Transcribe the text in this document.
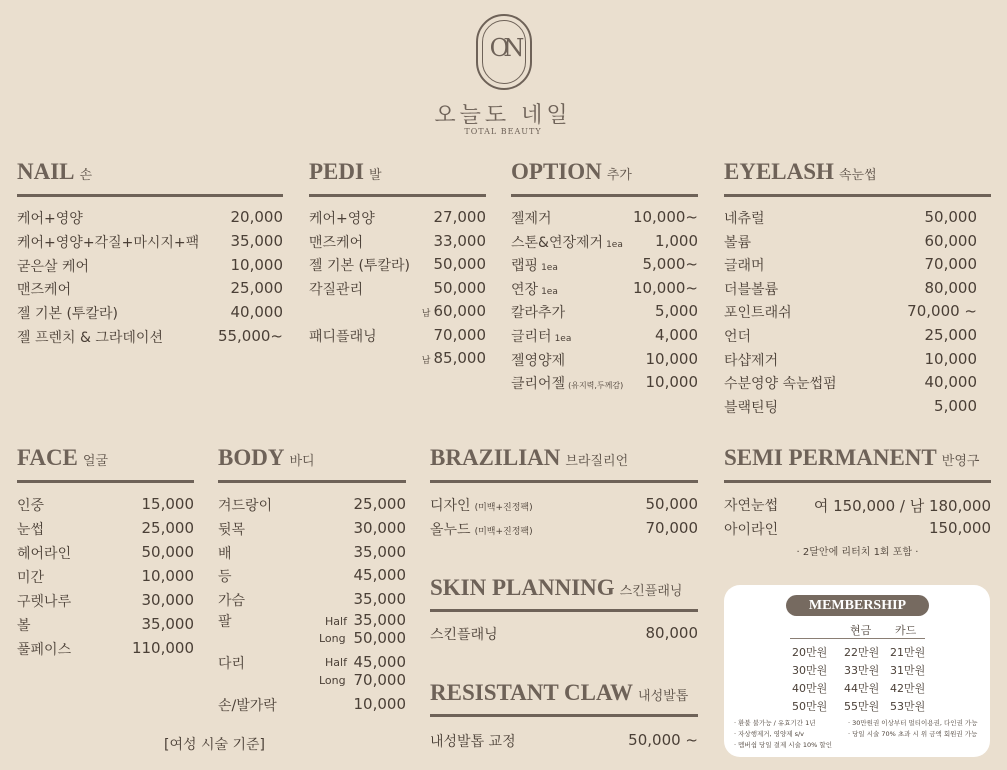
ON
오늘도 네일
TOTAL BEAUTY
NAIL 손	PEDI 발	OPTION 추가	EYELASH 속눈썹
FACE 얼굴	BODY 바디
팔	Half 35,000
Long 50,000
다리	Half 45,000
Long 70,000
손/발가락	10,000
[여성 시술 기준]
BRAZILIAN 브라질리언
SKIN PLANNING 스킨플래닝
스킨플래닝	80,000
RESISTANT CLAW 내성발톱
내성발톱 교정	50,000 ~
SEMI PERMANENT 반영구
자연눈썹	여 150,000 / 남 180,000
아이라인	150,000
· 2달안에 리터치 1회 포함 ·
MEMBERSHIP
현금 카드
케어+영양	20,000
케어+영양+각질+마시지+팩	35,000
굳은살 케어	10,000
맨즈케어	25,000
젤 기본 (투칼라)	40,000
젤 프렌치 & 그라데이션	55,000~
케어+영양	27,000
맨즈케어	33,000
젤 기본 (투칼라)	50,000
각질관리	50,000
남 60,000
패디플래닝	70,000
남 85,000
젤제거	10,000~
스톤&연장제거 1ea	1,000
랩핑 1ea	5,000~
연장 1ea	10,000~
칼라추가	5,000
글리터 1ea	4,000
젤영양제	10,000
클리어젤 (유지력,두께감)	10,000
네츄럴	50,000
볼륨	60,000
글래머	70,000
더블볼륨	80,000
포인트래쉬	70,000 ~
언더	25,000
타샵제거	10,000
수분영양 속눈썹펌	40,000
블랙틴팅	5,000
인중	15,000
눈썹	25,000
헤어라인	50,000
미간	10,000
구렛나루	30,000
볼	35,000
풀페이스	110,000
겨드랑이	25,000
뒷목	30,000
배	35,000
등	45,000
가슴	35,000
디자인 (미백+진정팩)	50,000
올누드 (미백+진정팩)	70,000
20만원 22만원 21만원
30만원 33만원 31만원
40만원 44만원 42만원
50만원 55만원 53만원
· 환불 불가능 / 유효기간 1년
· 자상행제거, 영양제 s/v
· 멤버쉽 당일 결제 시술 10% 할인
· 30만원권 이상부터 멀티이용권, 다인권 가능
· 당일 시술 70% 초과 시 위 금액 회원권 가능
